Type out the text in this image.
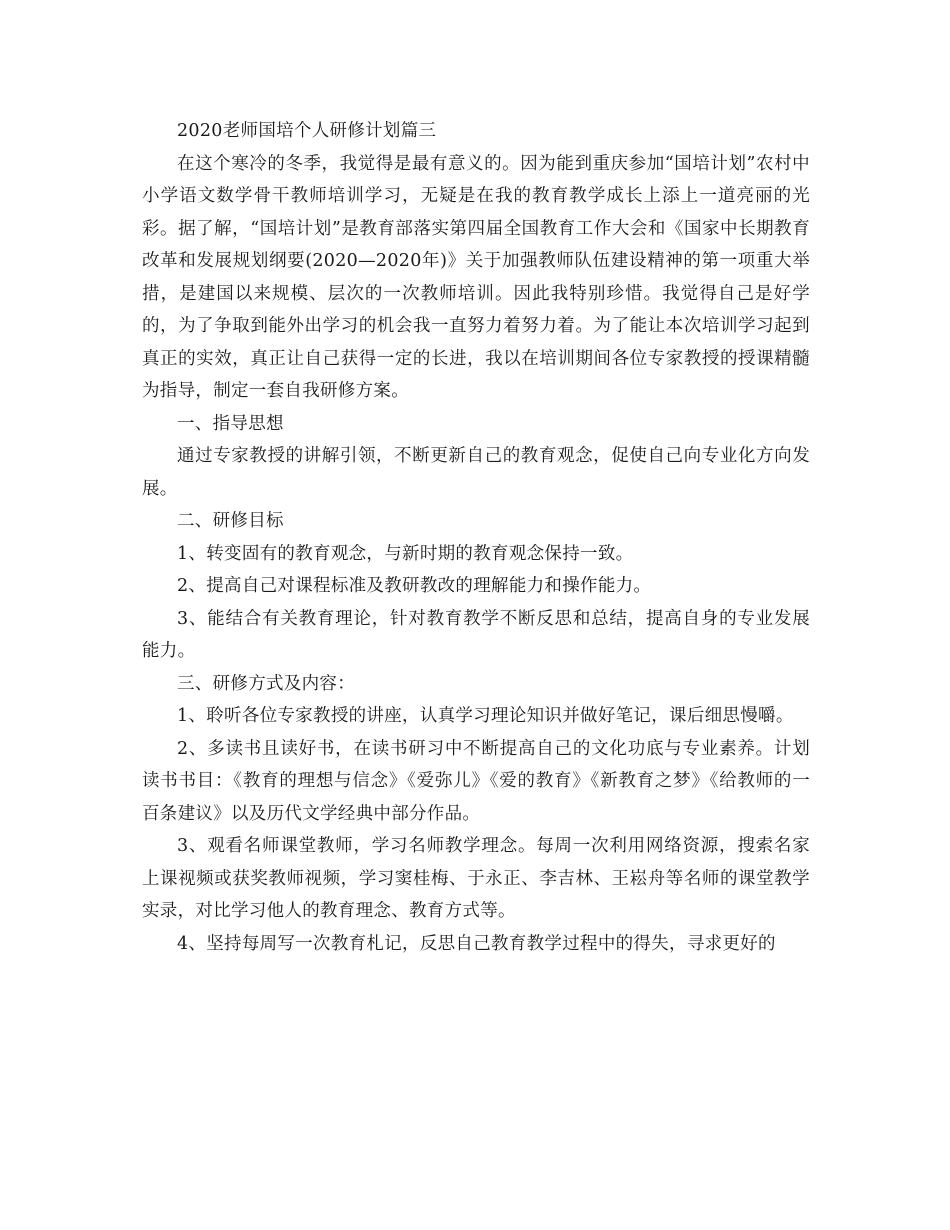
2020老师国培个人研修计划篇三

在这个寒冷的冬季，我觉得是最有意义的。因为能到重庆参加“国培计划”农村中小学语文数学骨干教师培训学习，无疑是在我的教育教学成长上添上一道亮丽的光彩。据了解，“国培计划”是教育部落实第四届全国教育工作大会和《国家中长期教育改革和发展规划纲要(2020—2020年)》关于加强教师队伍建设精神的第一项重大举措，是建国以来规模、层次的一次教师培训。因此我特别珍惜。我觉得自己是好学的，为了争取到能外出学习的机会我一直努力着努力着。为了能让本次培训学习起到真正的实效，真正让自己获得一定的长进，我以在培训期间各位专家教授的授课精髓为指导，制定一套自我研修方案。

一、指导思想

通过专家教授的讲解引领，不断更新自己的教育观念，促使自己向专业化方向发展。

二、研修目标

1、转变固有的教育观念，与新时期的教育观念保持一致。

2、提高自己对课程标准及教研教改的理解能力和操作能力。

3、能结合有关教育理论，针对教育教学不断反思和总结，提高自身的专业发展能力。

三、研修方式及内容：

1、聆听各位专家教授的讲座，认真学习理论知识并做好笔记，课后细思慢嚼。

2、多读书且读好书，在读书研习中不断提高自己的文化功底与专业素养。计划读书书目：《教育的理想与信念》《爱弥儿》《爱的教育》《新教育之梦》《给教师的一百条建议》以及历代文学经典中部分作品。

3、观看名师课堂教师，学习名师教学理念。每周一次利用网络资源，搜索名家上课视频或获奖教师视频，学习窦桂梅、于永正、李吉林、王崧舟等名师的课堂教学实录，对比学习他人的教育理念、教育方式等。

4、坚持每周写一次教育札记，反思自己教育教学过程中的得失，寻求更好的
